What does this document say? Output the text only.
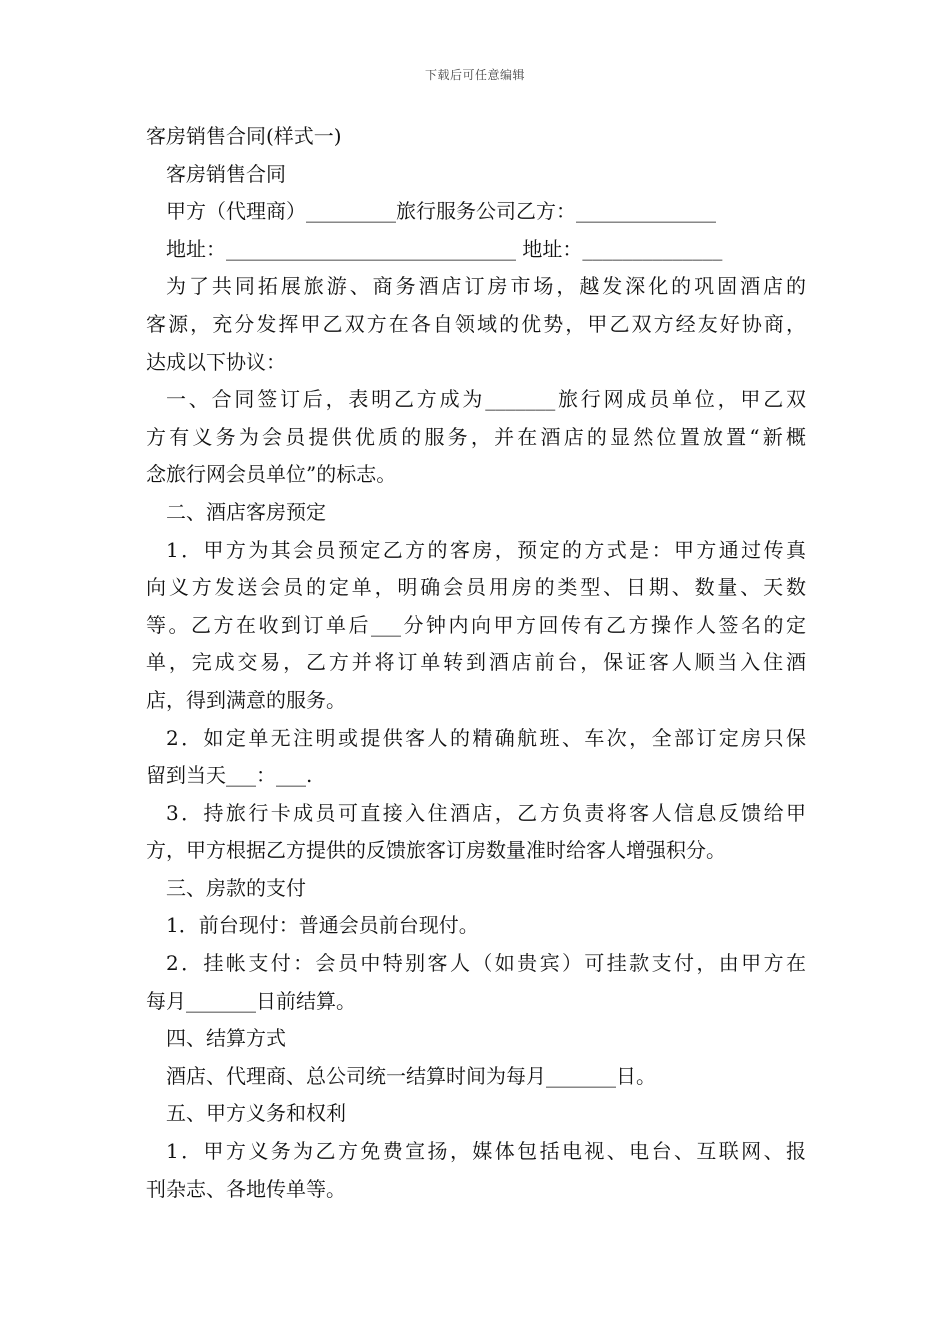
下载后可任意编辑
客房销售合同(样式一)
客房销售合同
甲方（代理商）_________旅行服务公司乙方：______________
地址：_____________________________ 地址：______________
为了共同拓展旅游、商务酒店订房市场，越发深化的巩固酒店的
客源，充分发挥甲乙双方在各自领域的优势，甲乙双方经友好协商，
达成以下协议：
一、合同签订后，表明乙方成为_______旅行网成员单位，甲乙双
方有义务为会员提供优质的服务，并在酒店的显然位置放置“新概
念旅行网会员单位”的标志。
二、酒店客房预定
1．甲方为其会员预定乙方的客房，预定的方式是：甲方通过传真
向义方发送会员的定单，明确会员用房的类型、日期、数量、天数
等。乙方在收到订单后___分钟内向甲方回传有乙方操作人签名的定
单，完成交易，乙方并将订单转到酒店前台，保证客人顺当入住酒
店，得到满意的服务。
2．如定单无注明或提供客人的精确航班、车次，全部订定房只保
留到当天___：___.
3．持旅行卡成员可直接入住酒店，乙方负责将客人信息反馈给甲
方，甲方根据乙方提供的反馈旅客订房数量准时给客人增强积分。
三、房款的支付
1．前台现付：普通会员前台现付。
2．挂帐支付：会员中特别客人（如贵宾）可挂款支付，由甲方在
每月_______日前结算。
四、结算方式
酒店、代理商、总公司统一结算时间为每月_______日。
五、甲方义务和权利
1．甲方义务为乙方免费宣扬，媒体包括电视、电台、互联网、报
刊杂志、各地传单等。
